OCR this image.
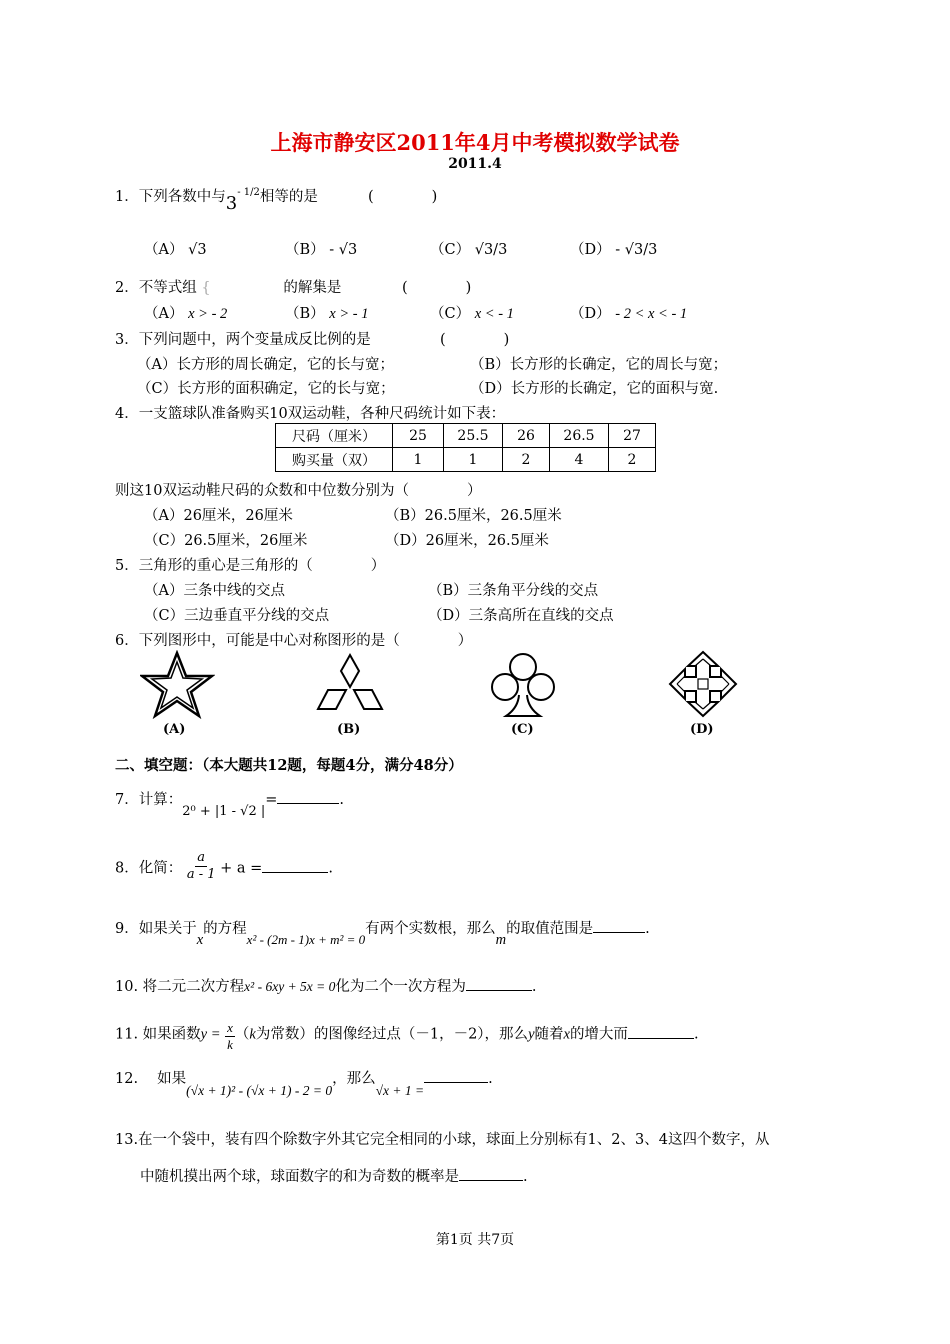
上海市静安区2011年4月中考模拟数学试卷
2011.4
1．下列各数中与$3^{- 1/2}$相等的是	(　　　　)
（A） √3	（B） - √3	（C） √3/3	（D） - √3/3
2．不等式组 {	的解集是	(　　　　)
（A） x > - 2	（B） x > - 1	（C） x < - 1	（D） - 2 < x < - 1
3．下列问题中，两个变量成反比例的是	(　　　　)
（A）长方形的周长确定，它的长与宽；	（B）长方形的长确定，它的周长与宽；
（C）长方形的面积确定，它的长与宽；	（D）长方形的长确定，它的面积与宽.
4．一支篮球队准备购买10双运动鞋，各种尺码统计如下表：
尺码（厘米）	25	25.5	26	26.5	27
购买量（双）	1	1	2	4	2
则这10双运动鞋尺码的众数和中位数分别为（　　　　）
（A）26厘米，26厘米	（B）26.5厘米，26.5厘米
（C）26.5厘米，26厘米	（D）26厘米，26.5厘米
5．三角形的重心是三角形的（　　　　）
（A）三条中线的交点	（B）三条角平分线的交点
（C）三边垂直平分线的交点	（D）三条高所在直线的交点
6．下列图形中，可能是中心对称图形的是（　　　　）
(A)	(B)	(C)	(D)
二、填空题：（本大题共12题，每题4分，满分48分）
7．计算：2⁰ + |1 - √2 |=	.
8．化简： $\frac{a}{a - 1} + a$ =	.
9．如果关于x的方程x² - (2m - 1)x + m² = 0有两个实数根，那么m的取值范围是	.
10. 将二元二次方程x² - 6xy + 5x = 0化为二个一次方程为	.
11. 如果函数$y = \frac{x}{k} (k$为常数）的图像经过点（－1，－2），那么y随着x的增大而	.
12.　 如果(√x + 1)² - (√x + 1) - 2 = 0，那么√x + 1 =.
13.在一个袋中，装有四个除数字外其它完全相同的小球，球面上分别标有1、2、3、4这四个数字，从
中随机摸出两个球，球面数字的和为奇数的概率是	.
第1页 共7页
